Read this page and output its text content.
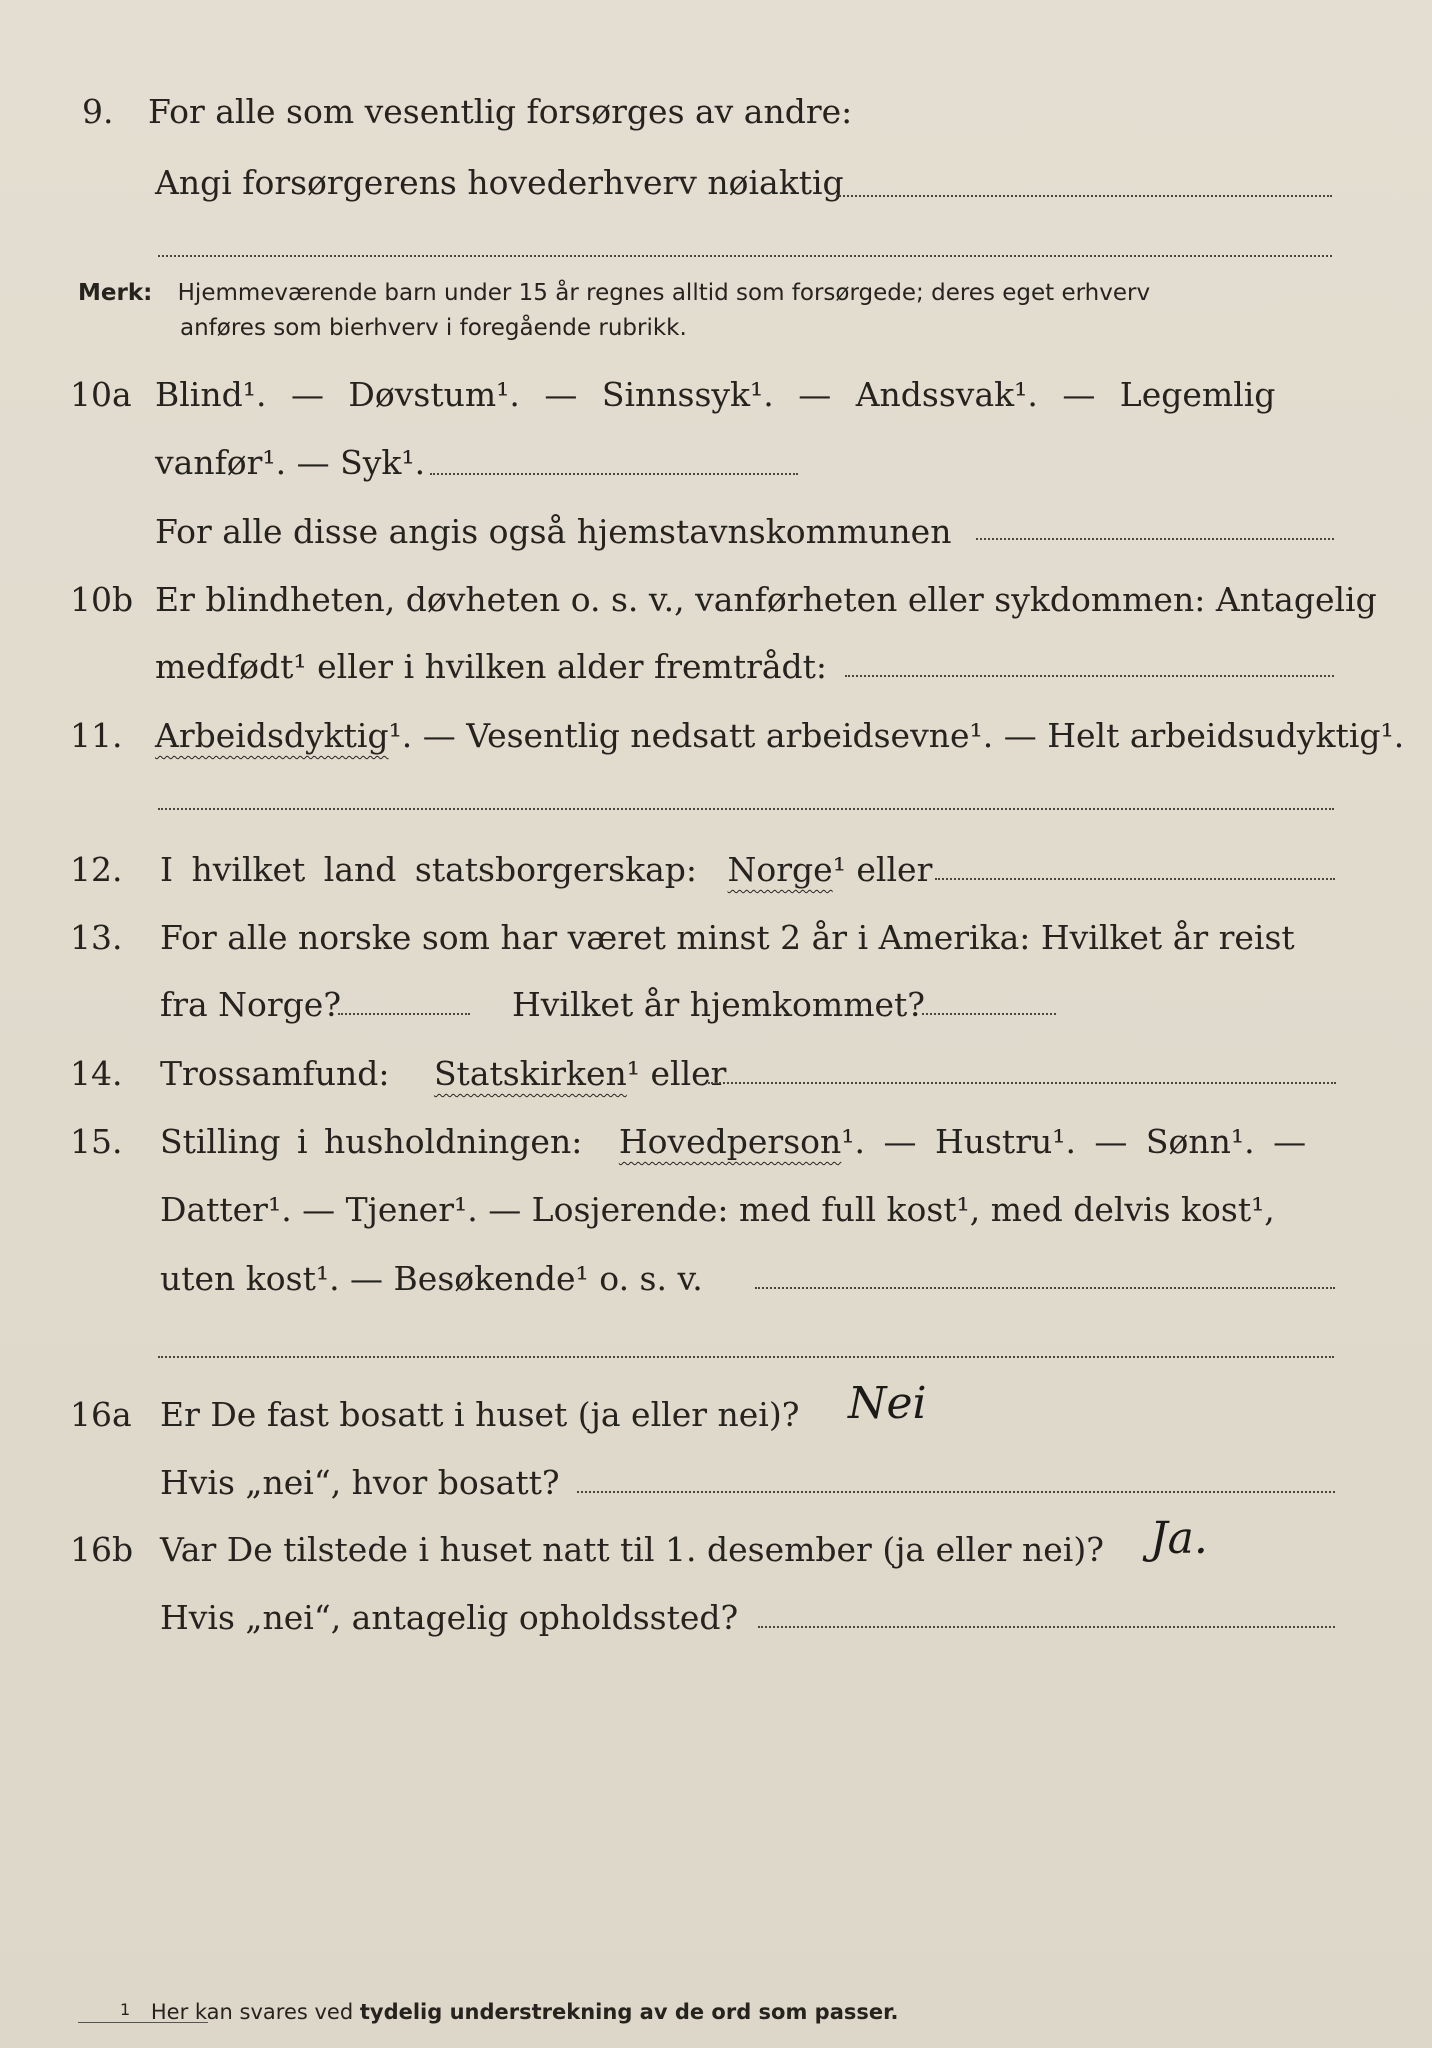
9. For alle som vesentlig forsørges av andre:
Angi forsørgerens hovederhverv nøiaktig
Merk: Hjemmeværende barn under 15 år regnes alltid som forsørgede; deres eget erhverv
anføres som bierhverv i foregående rubrikk.
10a Blind¹. — Døvstum¹. — Sinnssyk¹. — Andssvak¹. — Legemlig
vanfør¹. — Syk¹.
For alle disse angis også hjemstavnskommunen
10b Er blindheten, døvheten o. s. v., vanførheten eller sykdommen: Antagelig
medfødt¹ eller i hvilken alder fremtrådt:
11. Arbeidsdyktig¹. — Vesentlig nedsatt arbeidsevne¹. — Helt arbeidsudyktig¹.
12. I hvilket land statsborgerskap: Norge¹ eller
13. For alle norske som har været minst 2 år i Amerika: Hvilket år reist
fra Norge?	Hvilket år hjemkommet?
14. Trossamfund: Statskirken¹ eller
15. Stilling i husholdningen: Hovedperson¹. — Hustru¹. — Sønn¹. —
Datter¹. — Tjener¹. — Losjerende: med full kost¹, med delvis kost¹,
uten kost¹. — Besøkende¹ o. s. v.
16a Er De fast bosatt i huset (ja eller nei)? Nei
Hvis „nei“, hvor bosatt?
16b Var De tilstede i huset natt til 1. desember (ja eller nei)? Ja.
Hvis „nei“, antagelig opholdssted?
$^1$ Her kan svares ved tydelig understrekning av de ord som passer.
